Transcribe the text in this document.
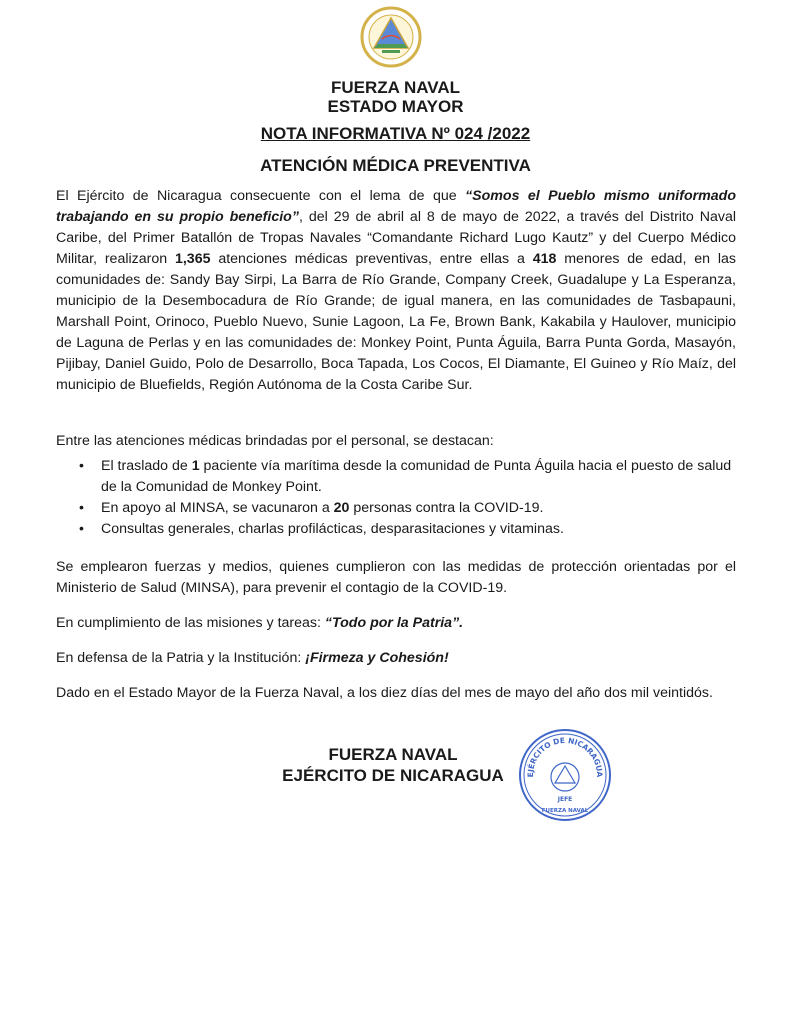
FUERZA NAVAL
ESTADO MAYOR
NOTA INFORMATIVA Nº 024 /2022
ATENCIÓN MÉDICA PREVENTIVA
El Ejército de Nicaragua consecuente con el lema de que “Somos el Pueblo mismo uniformado trabajando en su propio beneficio”, del 29 de abril al 8 de mayo de 2022, a través del Distrito Naval Caribe, del Primer Batallón de Tropas Navales “Comandante Richard Lugo Kautz” y del Cuerpo Médico Militar, realizaron 1,365 atenciones médicas preventivas, entre ellas a 418 menores de edad, en las comunidades de: Sandy Bay Sirpi, La Barra de Río Grande, Company Creek, Guadalupe y La Esperanza, municipio de la Desembocadura de Río Grande; de igual manera, en las comunidades de Tasbapauni, Marshall Point, Orinoco, Pueblo Nuevo, Sunie Lagoon, La Fe, Brown Bank, Kakabila y Haulover, municipio de Laguna de Perlas y en las comunidades de: Monkey Point, Punta Águila, Barra Punta Gorda, Masayón, Pijibay, Daniel Guido, Polo de Desarrollo, Boca Tapada, Los Cocos, El Diamante, El Guineo y Río Maíz, del municipio de Bluefields, Región Autónoma de la Costa Caribe Sur.
Entre las atenciones médicas brindadas por el personal, se destacan:
• El traslado de 1 paciente vía marítima desde la comunidad de Punta Águila hacia el puesto de salud de la Comunidad de Monkey Point.
• En apoyo al MINSA, se vacunaron a 20 personas contra la COVID-19.
• Consultas generales, charlas profilácticas, desparasitaciones y vitaminas.
Se emplearon fuerzas y medios, quienes cumplieron con las medidas de protección orientadas por el Ministerio de Salud (MINSA), para prevenir el contagio de la COVID-19.
En cumplimiento de las misiones y tareas: “Todo por la Patria”.
En defensa de la Patria y la Institución: ¡Firmeza y Cohesión!
Dado en el Estado Mayor de la Fuerza Naval, a los diez días del mes de mayo del año dos mil veintidós.
FUERZA NAVAL
EJÉRCITO DE NICARAGUA	EJÉRCITO DE NICARAGUA
JEFE
FUERZA NAVAL
